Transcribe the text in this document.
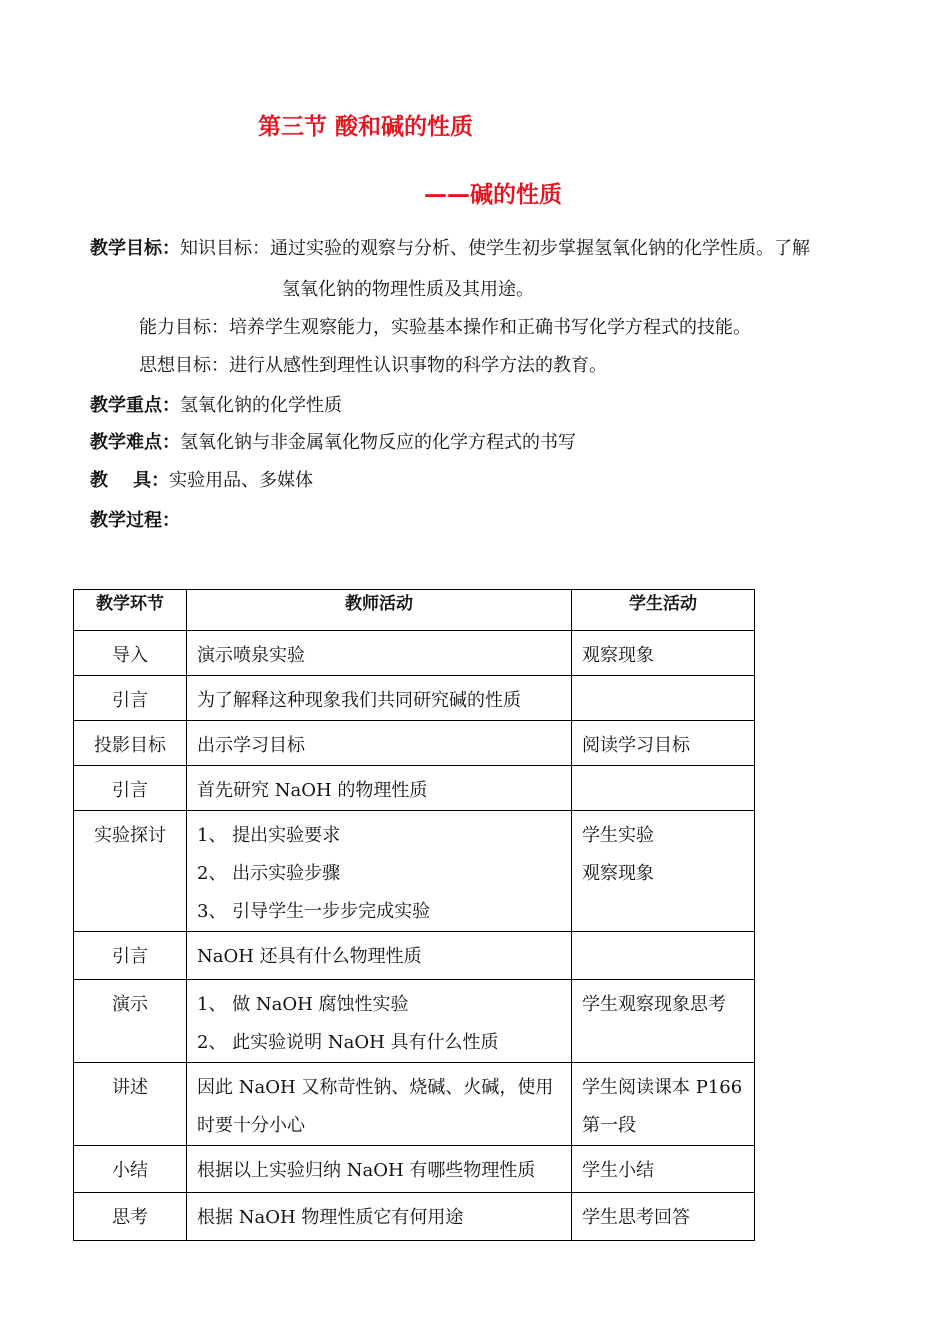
第三节 酸和碱的性质
——碱的性质
教学目标：知识目标：通过实验的观察与分析、使学生初步掌握氢氧化钠的化学性质。了解
氢氧化钠的物理性质及其用途。
能力目标：培养学生观察能力，实验基本操作和正确书写化学方程式的技能。
思想目标：进行从感性到理性认识事物的科学方法的教育。
教学重点：氢氧化钠的化学性质
教学难点：氢氧化钠与非金属氧化物反应的化学方程式的书写
教    具：实验用品、多媒体
教学过程：
教学环节	教师活动	学生活动
导入	演示喷泉实验	观察现象

引言	为了解释这种现象我们共同研究碱的性质	

投影目标	出示学习目标	阅读学习目标

引言	首先研究 NaOH 的物理性质	

实验探讨	1、 提出实验要求
2、 出示实验步骤
3、 引导学生一步步完成实验	学生实验
观察现象

引言	NaOH 还具有什么物理性质	

演示	1、 做 NaOH 腐蚀性实验
2、 此实验说明 NaOH 具有什么性质	学生观察现象思考

讲述	因此 NaOH 又称苛性钠、烧碱、火碱，使用
时要十分小心	学生阅读课本 P166
第一段

小结	根据以上实验归纳 NaOH 有哪些物理性质	学生小结

思考	根据 NaOH 物理性质它有何用途	学生思考回答
